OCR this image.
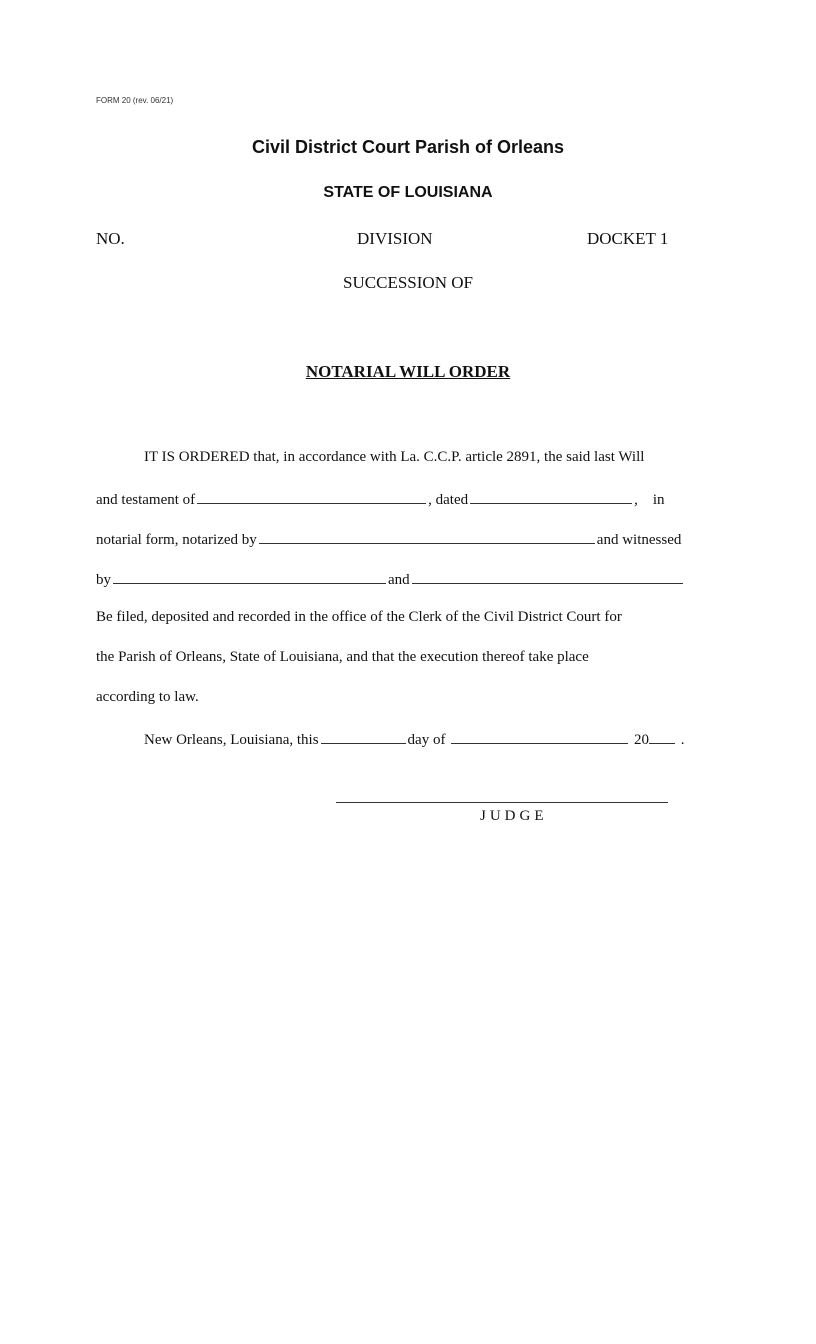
FORM 20 (rev. 06/21)
Civil District Court Parish of Orleans
STATE OF LOUISIANA
NO.	DIVISION	DOCKET 1
SUCCESSION OF
NOTARIAL WILL ORDER
IT IS ORDERED that, in accordance with La. C.C.P. article 2891, the said last Will
and testament of	, dated	,    in
notarial form, notarized by	and witnessed
by	and
Be filed, deposited and recorded in the office of the Clerk of the Civil District Court for
the Parish of Orleans, State of Louisiana, and that the execution thereof take place
according to law.
New Orleans, Louisiana, this	day of	20 .
JUDGE
